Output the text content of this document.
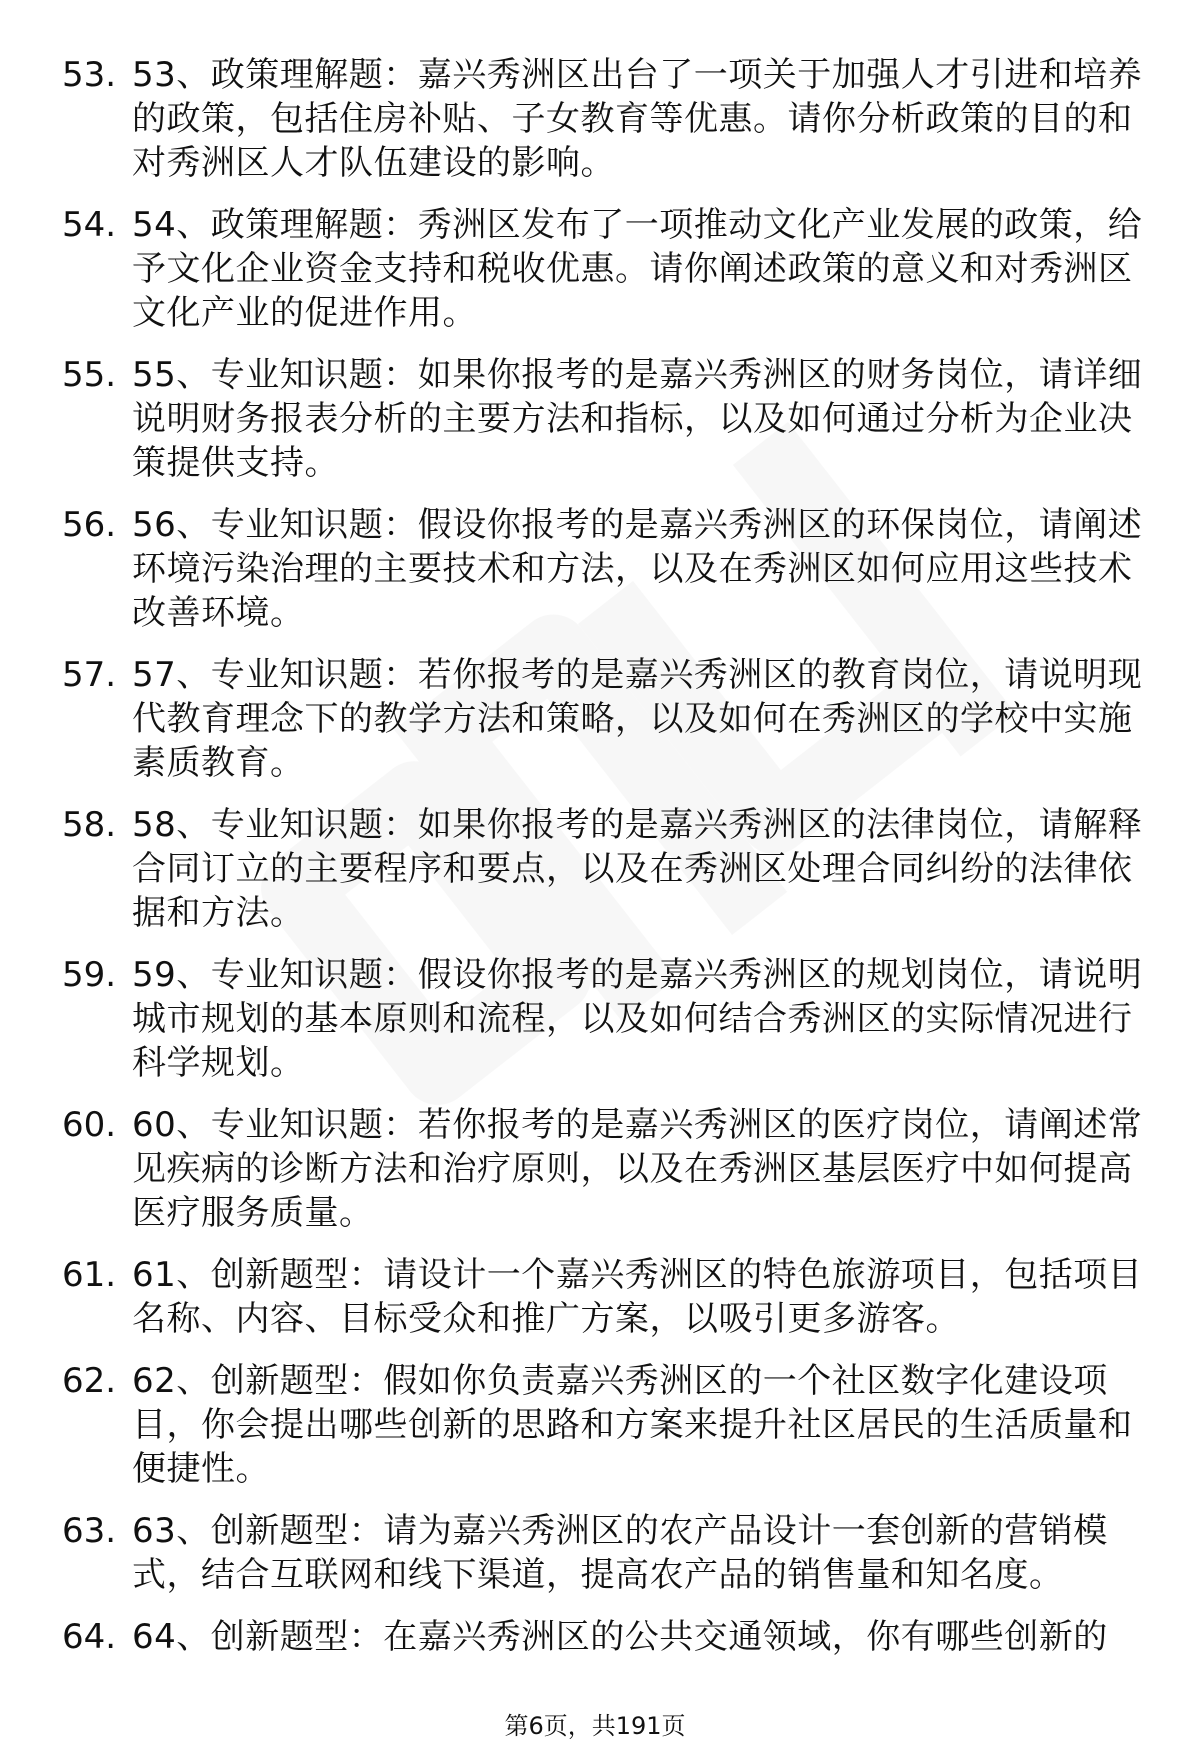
53. 53、政策理解题：嘉兴秀洲区出台了一项关于加强人才引进和培养的政策，包括住房补贴、子女教育等优惠。请你分析政策的目的和对秀洲区人才队伍建设的影响。
54. 54、政策理解题：秀洲区发布了一项推动文化产业发展的政策，给予文化企业资金支持和税收优惠。请你阐述政策的意义和对秀洲区文化产业的促进作用。
55. 55、专业知识题：如果你报考的是嘉兴秀洲区的财务岗位，请详细说明财务报表分析的主要方法和指标，以及如何通过分析为企业决策提供支持。
56. 56、专业知识题：假设你报考的是嘉兴秀洲区的环保岗位，请阐述环境污染治理的主要技术和方法，以及在秀洲区如何应用这些技术改善环境。
57. 57、专业知识题：若你报考的是嘉兴秀洲区的教育岗位，请说明现代教育理念下的教学方法和策略，以及如何在秀洲区的学校中实施素质教育。
58. 58、专业知识题：如果你报考的是嘉兴秀洲区的法律岗位，请解释合同订立的主要程序和要点，以及在秀洲区处理合同纠纷的法律依据和方法。
59. 59、专业知识题：假设你报考的是嘉兴秀洲区的规划岗位，请说明城市规划的基本原则和流程，以及如何结合秀洲区的实际情况进行科学规划。
60. 60、专业知识题：若你报考的是嘉兴秀洲区的医疗岗位，请阐述常见疾病的诊断方法和治疗原则，以及在秀洲区基层医疗中如何提高医疗服务质量。
61. 61、创新题型：请设计一个嘉兴秀洲区的特色旅游项目，包括项目名称、内容、目标受众和推广方案，以吸引更多游客。
62. 62、创新题型：假如你负责嘉兴秀洲区的一个社区数字化建设项目，你会提出哪些创新的思路和方案来提升社区居民的生活质量和便捷性。
63. 63、创新题型：请为嘉兴秀洲区的农产品设计一套创新的营销模式，结合互联网和线下渠道，提高农产品的销售量和知名度。
64. 64、创新题型：在嘉兴秀洲区的公共交通领域，你有哪些创新的
第6页，共191页
